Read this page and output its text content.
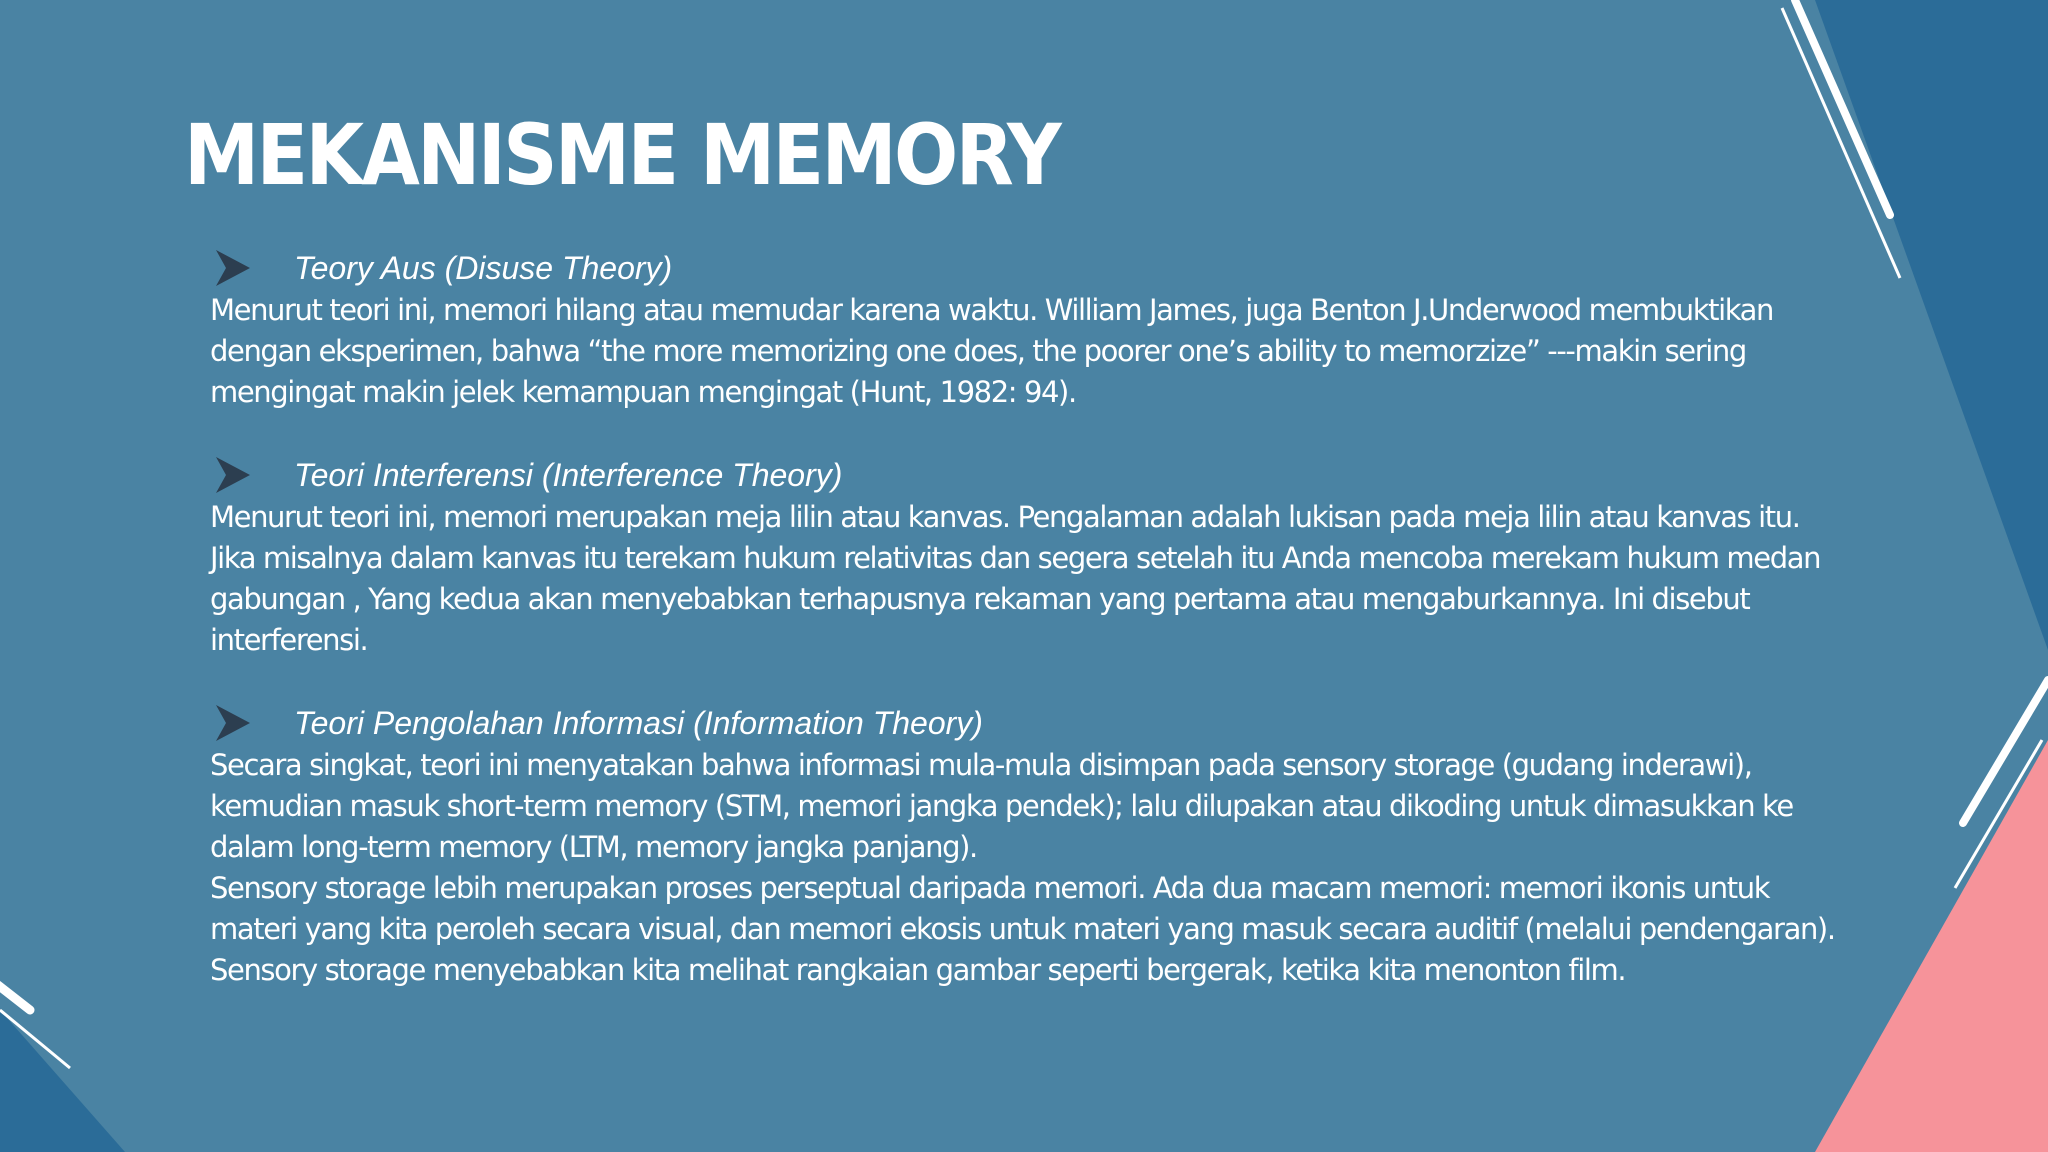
MEKANISME MEMORY
Teory Aus (Disuse Theory)

Menurut teori ini, memori hilang atau memudar karena waktu. William James, juga Benton J.Underwood membuktikan dengan eksperimen, bahwa “the more memorizing one does, the poorer one’s ability to memorzize” ---makin sering mengingat makin jelek kemampuan mengingat (Hunt, 1982: 94).

Teori Interferensi (Interference Theory)

Menurut teori ini, memori merupakan meja lilin atau kanvas. Pengalaman adalah lukisan pada meja lilin atau kanvas itu. Jika misalnya dalam kanvas itu terekam hukum relativitas dan segera setelah itu Anda mencoba merekam hukum medan gabungan , Yang kedua akan menyebabkan terhapusnya rekaman yang pertama atau mengaburkannya. Ini disebut interferensi.

Teori Pengolahan Informasi (Information Theory)

Secara singkat, teori ini menyatakan bahwa informasi mula-mula disimpan pada sensory storage (gudang inderawi), kemudian masuk short-term memory (STM, memori jangka pendek); lalu dilupakan atau dikoding untuk dimasukkan ke dalam long-term memory (LTM, memory jangka panjang).

Sensory storage lebih merupakan proses perseptual daripada memori. Ada dua macam memori: memori ikonis untuk materi yang kita peroleh secara visual, dan memori ekosis untuk materi yang masuk secara auditif (melalui pendengaran). Sensory storage menyebabkan kita melihat rangkaian gambar seperti bergerak, ketika kita menonton film.
